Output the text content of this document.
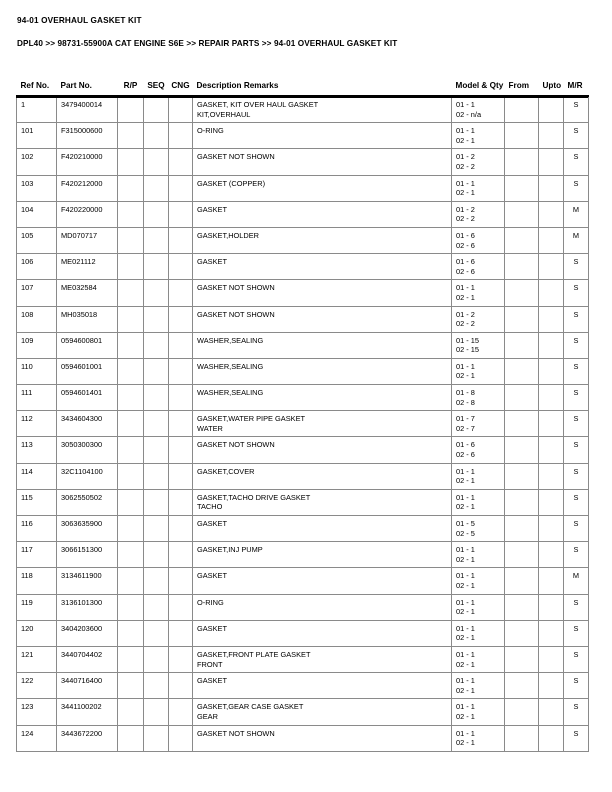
94-01 OVERHAUL GASKET KIT
DPL40 >> 98731-55900A CAT ENGINE S6E >> REPAIR PARTS >> 94-01 OVERHAUL GASKET KIT
Ref No.	Part No.	R/P	SEQ	CNG	Description Remarks	Model & Qty	From	Upto	M/R
1	3479400014				GASKET, KIT OVER HAUL GASKET
KIT,OVERHAUL	01 - 1
02 - n/a			S
101	F315000600				O-RING	01 - 1
02 - 1			S
102	F420210000				GASKET NOT SHOWN	01 - 2
02 - 2			S
103	F420212000				GASKET (COPPER)	01 - 1
02 - 1			S
104	F420220000				GASKET	01 - 2
02 - 2			M
105	MD070717				GASKET,HOLDER	01 - 6
02 - 6			M
106	ME021112				GASKET	01 - 6
02 - 6			S
107	ME032584				GASKET NOT SHOWN	01 - 1
02 - 1			S
108	MH035018				GASKET NOT SHOWN	01 - 2
02 - 2			S
109	0594600801				WASHER,SEALING	01 - 15
02 - 15			S
110	0594601001				WASHER,SEALING	01 - 1
02 - 1			S
111	0594601401				WASHER,SEALING	01 - 8
02 - 8			S
112	3434604300				GASKET,WATER PIPE GASKET
WATER	01 - 7
02 - 7			S
113	3050300300				GASKET NOT SHOWN	01 - 6
02 - 6			S
114	32C1104100				GASKET,COVER	01 - 1
02 - 1			S
115	3062550502				GASKET,TACHO DRIVE GASKET
TACHO	01 - 1
02 - 1			S
116	3063635900				GASKET	01 - 5
02 - 5			S
117	3066151300				GASKET,INJ PUMP	01 - 1
02 - 1			S
118	3134611900				GASKET	01 - 1
02 - 1			M
119	3136101300				O-RING	01 - 1
02 - 1			S
120	3404203600				GASKET	01 - 1
02 - 1			S
121	3440704402				GASKET,FRONT PLATE GASKET
FRONT	01 - 1
02 - 1			S
122	3440716400				GASKET	01 - 1
02 - 1			S
123	3441100202				GASKET,GEAR CASE GASKET
GEAR	01 - 1
02 - 1			S
124	3443672200				GASKET NOT SHOWN	01 - 1
02 - 1			S
